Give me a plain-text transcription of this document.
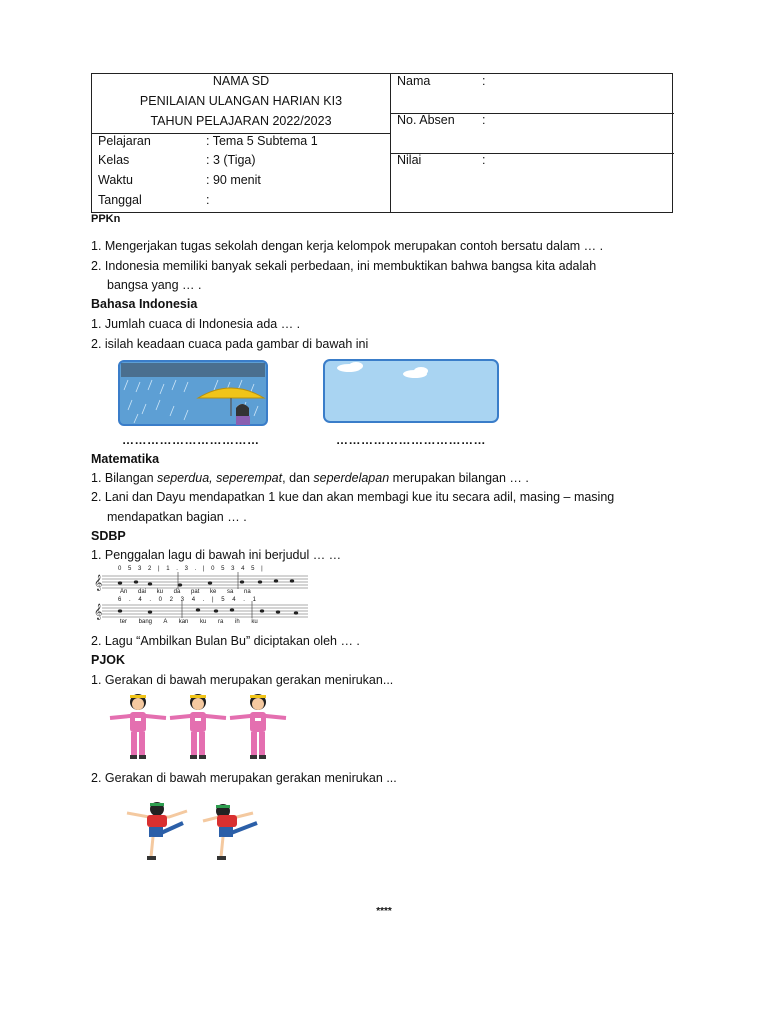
NAMA SD
PENILAIAN ULANGAN HARIAN KI3
TAHUN PELAJARAN 2022/2023
Pelajaran	: Tema 5 Subtema 1
Kelas	: 3 (Tiga)
Waktu	: 90 menit
Tanggal	:
Nama	:
No. Absen :
Nilai	:
PPKn
1. Mengerjakan tugas sekolah dengan kerja kelompok merupakan contoh bersatu dalam … .
2. Indonesia memiliki banyak sekali perbedaan, ini membuktikan bahwa bangsa kita adalah
bangsa yang … .
Bahasa Indonesia
1. Jumlah cuaca di Indonesia ada … .
2. isilah keadaan cuaca pada gambar di bawah ini
……………………………	………………………………
Matematika
1. Bilangan seperdua, seperempat, dan seperdelapan merupakan bilangan … .
2. Lani dan Dayu mendapatkan 1 kue dan akan membagi kue itu secara adil, masing – masing
mendapatkan bagian … .
SDBP
1. Penggalan lagu di bawah ini berjudul … …
𝄞
𝄞
0 5 3 2 | 1 . 3 . | 0 5 3 4 5 |
An dai ku da pat ke sa na
6 . 4 . 0 2 3 4 . | 5 4 . 1
ter bang A kan ku ra ih ku
2. Lagu “Ambilkan Bulan Bu” diciptakan oleh … .
PJOK
1. Gerakan di bawah merupakan gerakan menirukan...
2. Gerakan di bawah merupakan gerakan menirukan ...
****
